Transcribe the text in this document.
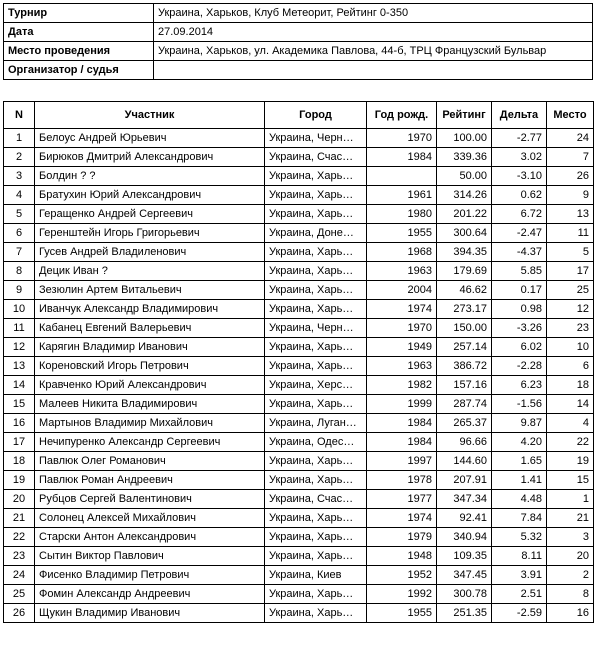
Турнир	Украина, Харьков, Клуб Метеорит, Рейтинг 0-350
Дата	27.09.2014
Место проведения	Украина, Харьков, ул. Академика Павлова, 44-б, ТРЦ Французский Бульвар
Организатор / судья	
N	Участник	Город	Год рожд.	Рейтинг	Дельта	Место
1	Белоус Андрей Юрьевич	Украина, Черн…	1970	100.00	-2.77	24
2	Бирюков Дмитрий Александрович	Украина, Счас…	1984	339.36	3.02	7
3	Болдин ? ?	Украина, Харь…		50.00	-3.10	26
4	Братухин Юрий Александрович	Украина, Харь…	1961	314.26	0.62	9
5	Геращенко Андрей Сергеевич	Украина, Харь…	1980	201.22	6.72	13
6	Геренштейн Игорь Григорьевич	Украина, Доне…	1955	300.64	-2.47	11
7	Гусев Андрей Владиленович	Украина, Харь…	1968	394.35	-4.37	5
8	Децик Иван ?	Украина, Харь…	1963	179.69	5.85	17
9	Зезюлин Артем Витальевич	Украина, Харь…	2004	46.62	0.17	25
10	Иванчук Александр Владимирович	Украина, Харь…	1974	273.17	0.98	12
11	Кабанец Евгений Валерьевич	Украина, Черн…	1970	150.00	-3.26	23
12	Карягин Владимир Иванович	Украина, Харь…	1949	257.14	6.02	10
13	Кореновский Игорь Петрович	Украина, Харь…	1963	386.72	-2.28	6
14	Кравченко Юрий Александрович	Украина, Херс…	1982	157.16	6.23	18
15	Малеев Никита Владимирович	Украина, Харь…	1999	287.74	-1.56	14
16	Мартынов Владимир Михайлович	Украина, Луган…	1984	265.37	9.87	4
17	Нечипуренко Александр Сергеевич	Украина, Одес…	1984	96.66	4.20	22
18	Павлюк Олег Романович	Украина, Харь…	1997	144.60	1.65	19
19	Павлюк Роман Андреевич	Украина, Харь…	1978	207.91	1.41	15
20	Рубцов Сергей Валентинович	Украина, Счас…	1977	347.34	4.48	1
21	Солонец Алексей Михайлович	Украина, Харь…	1974	92.41	7.84	21
22	Старски Антон Александрович	Украина, Харь…	1979	340.94	5.32	3
23	Сытин Виктор Павлович	Украина, Харь…	1948	109.35	8.11	20
24	Фисенко Владимир Петрович	Украина, Киев	1952	347.45	3.91	2
25	Фомин Александр Андреевич	Украина, Харь…	1992	300.78	2.51	8
26	Щукин Владимир Иванович	Украина, Харь…	1955	251.35	-2.59	16
